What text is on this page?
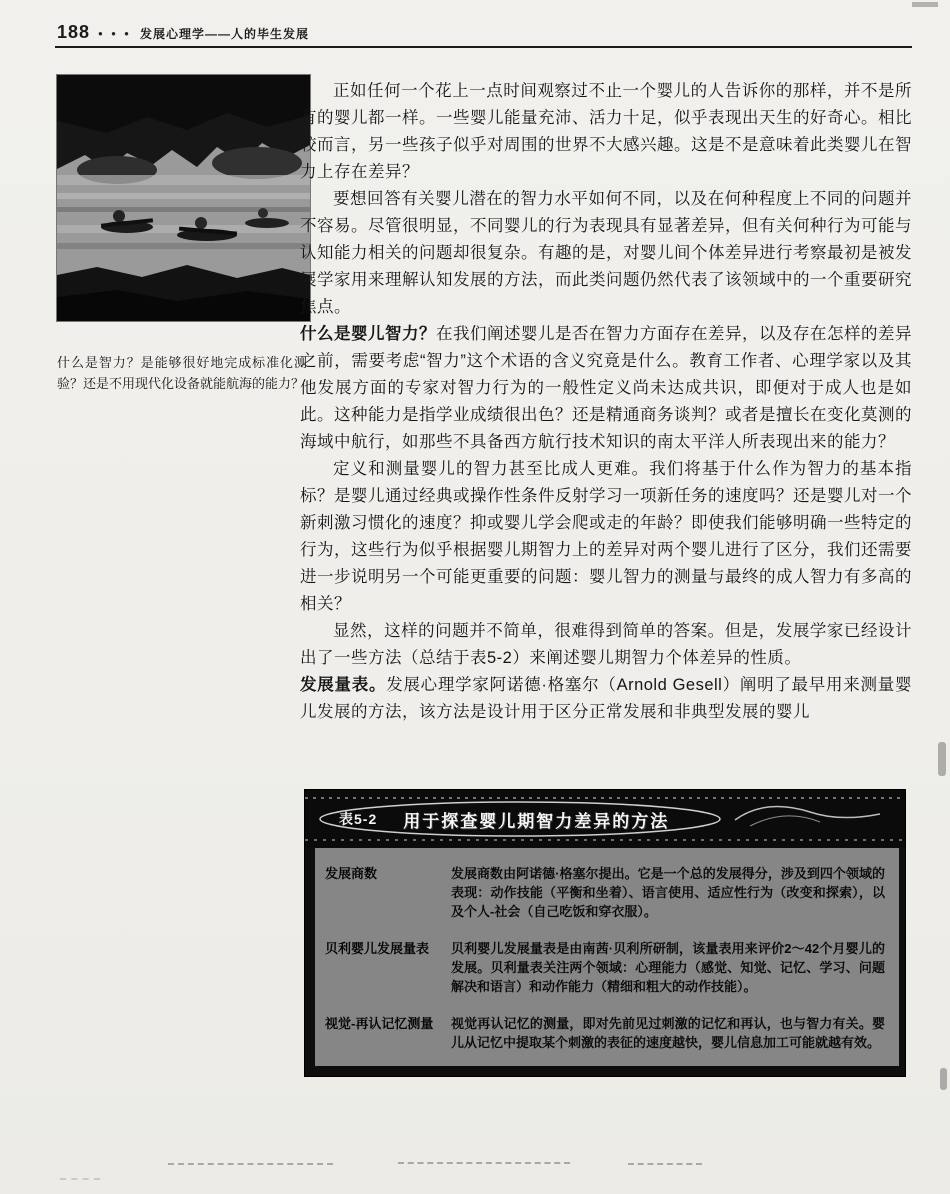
188 ● ● ● 发展心理学——人的毕生发展
什么是智力？是能够很好地完成标准化测验？还是不用现代化设备就能航海的能力？

正如任何一个花上一点时间观察过不止一个婴儿的人告诉你的那样，并不是所有的婴儿都一样。一些婴儿能量充沛、活力十足，似乎表现出天生的好奇心。相比较而言，另一些孩子似乎对周围的世界不大感兴趣。这是不是意味着此类婴儿在智力上存在差异？

要想回答有关婴儿潜在的智力水平如何不同，以及在何种程度上不同的问题并不容易。尽管很明显，不同婴儿的行为表现具有显著差异，但有关何种行为可能与认知能力相关的问题却很复杂。有趣的是，对婴儿间个体差异进行考察最初是被发展学家用来理解认知发展的方法，而此类问题仍然代表了该领域中的一个重要研究焦点。

什么是婴儿智力？在我们阐述婴儿是否在智力方面存在差异，以及存在怎样的差异之前，需要考虑“智力”这个术语的含义究竟是什么。教育工作者、心理学家以及其他发展方面的专家对智力行为的一般性定义尚未达成共识，即便对于成人也是如此。这种能力是指学业成绩很出色？还是精通商务谈判？或者是擅长在变化莫测的海域中航行，如那些不具备西方航行技术知识的南太平洋人所表现出来的能力？

定义和测量婴儿的智力甚至比成人更难。我们将基于什么作为智力的基本指标？是婴儿通过经典或操作性条件反射学习一项新任务的速度吗？还是婴儿对一个新刺激习惯化的速度？抑或婴儿学会爬或走的年龄？即使我们能够明确一些特定的行为，这些行为似乎根据婴儿期智力上的差异对两个婴儿进行了区分，我们还需要进一步说明另一个可能更重要的问题：婴儿智力的测量与最终的成人智力有多高的相关？

显然，这样的问题并不简单，很难得到简单的答案。但是，发展学家已经设计出了一些方法（总结于表5-2）来阐述婴儿期智力个体差异的性质。

发展量表。发展心理学家阿诺德·格塞尔（Arnold Gesell）阐明了最早用来测量婴儿发展的方法，该方法是设计用于区分正常发展和非典型发展的婴儿

表5-2 用于探查婴儿期智力差异的方法
发展商数	发展商数由阿诺德·格塞尔提出。它是一个总的发展得分，涉及到四个领域的表现：动作技能（平衡和坐着）、语言使用、适应性行为（改变和探索），以及个人-社会（自己吃饭和穿衣服）。
贝利婴儿发展量表	贝利婴儿发展量表是由南茜·贝利所研制，该量表用来评价2～42个月婴儿的发展。贝利量表关注两个领域：心理能力（感觉、知觉、记忆、学习、问题解决和语言）和动作能力（精细和粗大的动作技能）。
视觉-再认记忆测量 视觉再认记忆的测量，即对先前见过刺激的记忆和再认，也与智力有关。婴儿从记忆中提取某个刺激的表征的速度越快，婴儿信息加工可能就越有效。
